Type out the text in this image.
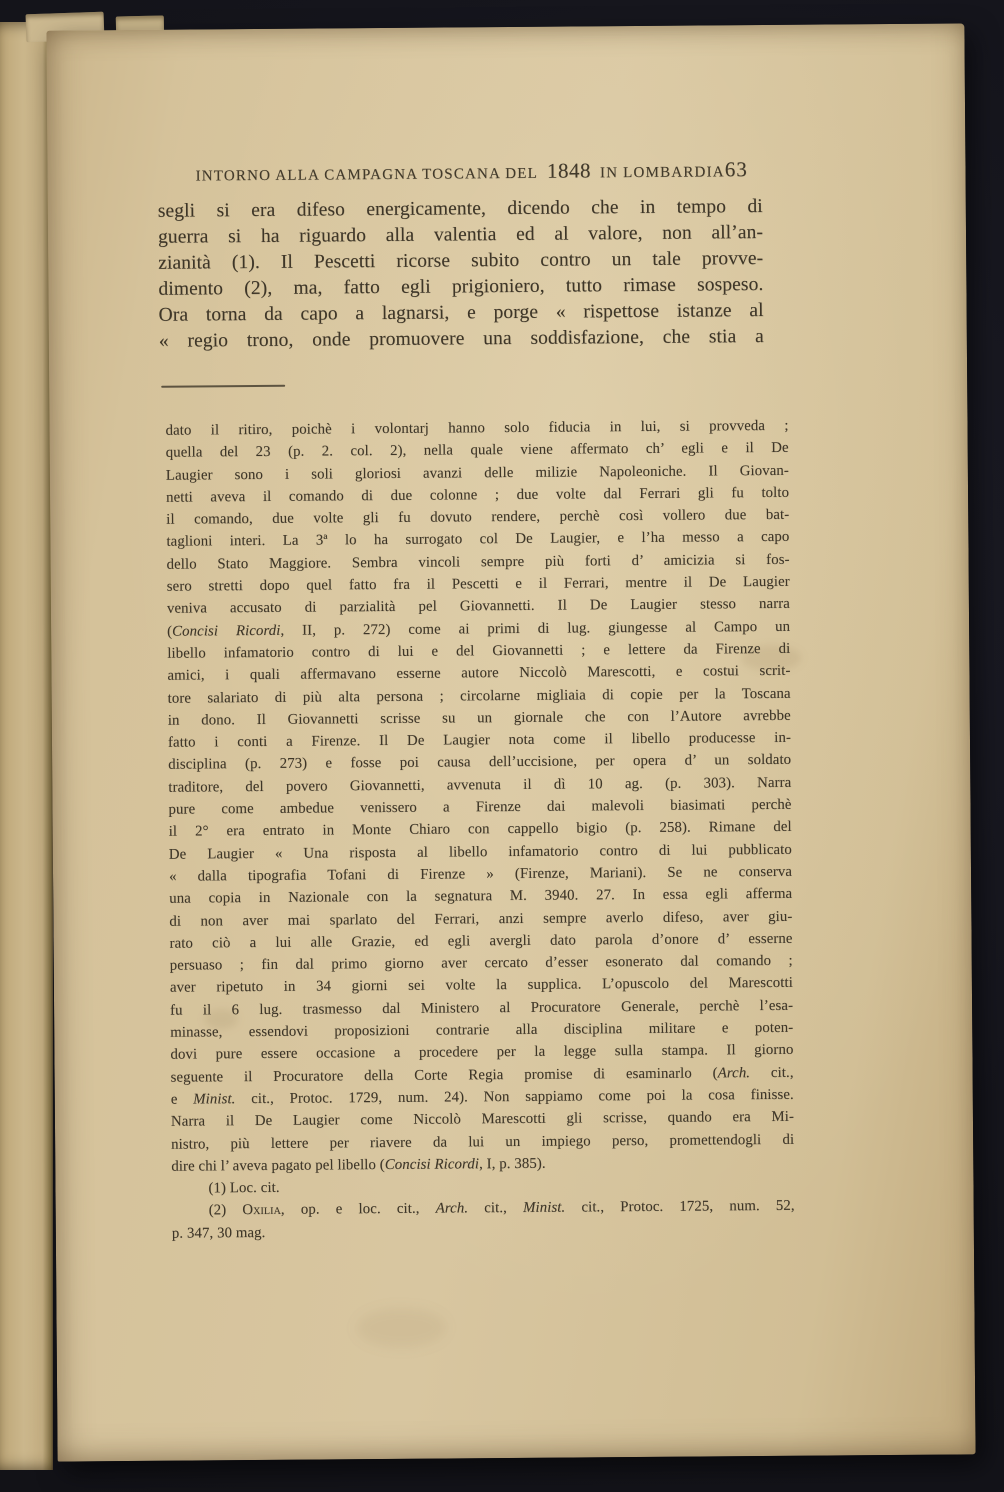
INTORNO ALLA CAMPAGNA TOSCANA DEL 1848 IN LOMBARDIA 63
segli si era difeso energicamente, dicendo che in tempo di
guerra si ha riguardo alla valentia ed al valore, non all’an-
zianità (1). Il Pescetti ricorse subito contro un tale provve-
dimento (2), ma, fatto egli prigioniero, tutto rimase sospeso.
Ora torna da capo a lagnarsi, e porge « rispettose istanze al
« regio trono, onde promuovere una soddisfazione, che stia a
dato il ritiro, poichè i volontarj hanno solo fiducia in lui, si provveda ;
quella del 23 (p. 2. col. 2), nella quale viene affermato ch’ egli e il De
Laugier sono i soli gloriosi avanzi delle milizie Napoleoniche. Il Giovan-
netti aveva il comando di due colonne ; due volte dal Ferrari gli fu tolto
il comando, due volte gli fu dovuto rendere, perchè così vollero due bat-
taglioni interi. La 3ª lo ha surrogato col De Laugier, e l’ha messo a capo
dello Stato Maggiore. Sembra vincoli sempre più forti d’ amicizia si fos-
sero stretti dopo quel fatto fra il Pescetti e il Ferrari, mentre il De Laugier
veniva accusato di parzialità pel Giovannetti. Il De Laugier stesso narra
(Concisi Ricordi, II, p. 272) come ai primi di lug. giungesse al Campo un
libello infamatorio contro di lui e del Giovannetti ; e lettere da Firenze di
amici, i quali affermavano esserne autore Niccolò Marescotti, e costui scrit-
tore salariato di più alta persona ; circolarne migliaia di copie per la Toscana
in dono. Il Giovannetti scrisse su un giornale che con l’Autore avrebbe
fatto i conti a Firenze. Il De Laugier nota come il libello producesse in-
disciplina (p. 273) e fosse poi causa dell’uccisione, per opera d’ un soldato
traditore, del povero Giovannetti, avvenuta il dì 10 ag. (p. 303). Narra
pure come ambedue venissero a Firenze dai malevoli biasimati perchè
il 2° era entrato in Monte Chiaro con cappello bigio (p. 258). Rimane del
De Laugier « Una risposta al libello infamatorio contro di lui pubblicato
« dalla tipografia Tofani di Firenze » (Firenze, Mariani). Se ne conserva
una copia in Nazionale con la segnatura M. 3940. 27. In essa egli afferma
di non aver mai sparlato del Ferrari, anzi sempre averlo difeso, aver giu-
rato ciò a lui alle Grazie, ed egli avergli dato parola d’onore d’ esserne
persuaso ; fin dal primo giorno aver cercato d’esser esonerato dal comando ;
aver ripetuto in 34 giorni sei volte la supplica. L’opuscolo del Marescotti
fu il 6 lug. trasmesso dal Ministero al Procuratore Generale, perchè l’esa-
minasse, essendovi proposizioni contrarie alla disciplina militare e poten-
dovi pure essere occasione a procedere per la legge sulla stampa. Il giorno
seguente il Procuratore della Corte Regia promise di esaminarlo (Arch. cit.,
e Minist. cit., Protoc. 1729, num. 24). Non sappiamo come poi la cosa finisse.
Narra il De Laugier come Niccolò Marescotti gli scrisse, quando era Mi-
nistro, più lettere per riavere da lui un impiego perso, promettendogli di
dire chi l’ aveva pagato pel libello (Concisi Ricordi, I, p. 385).
(1) Loc. cit.
(2) Oxilia, op. e loc. cit., Arch. cit., Minist. cit., Protoc. 1725, num. 52,
p. 347, 30 mag.
